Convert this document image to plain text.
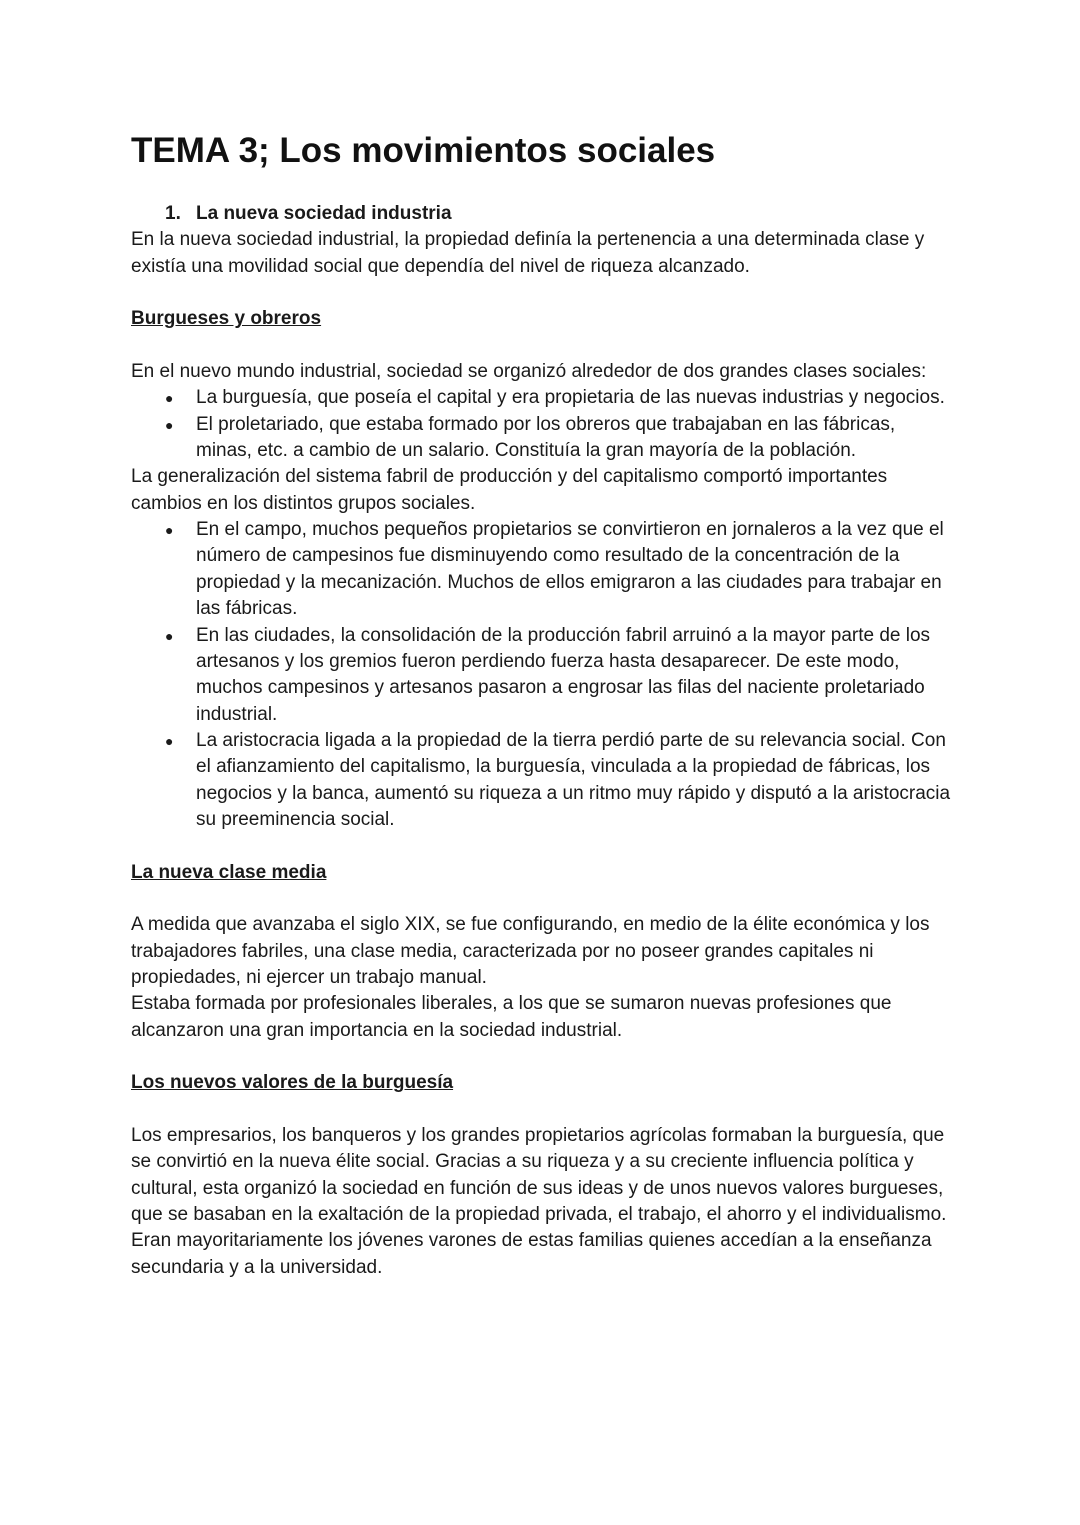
TEMA 3; Los movimientos sociales

1. La nueva sociedad industria

En la nueva sociedad industrial, la propiedad definía la pertenencia a una determinada clase y existía una movilidad social que dependía del nivel de riqueza alcanzado.

Burgueses y obreros

En el nuevo mundo industrial, sociedad se organizó alrededor de dos grandes clases sociales:

● La burguesía, que poseía el capital y era propietaria de las nuevas industrias y negocios.
● El proletariado, que estaba formado por los obreros que trabajaban en las fábricas, minas, etc. a cambio de un salario. Constituía la gran mayoría de la población.

La generalización del sistema fabril de producción y del capitalismo comportó importantes cambios en los distintos grupos sociales.

● En el campo, muchos pequeños propietarios se convirtieron en jornaleros a la vez que el número de campesinos fue disminuyendo como resultado de la concentración de la propiedad y la mecanización. Muchos de ellos emigraron a las ciudades para trabajar en las fábricas.
● En las ciudades, la consolidación de la producción fabril arruinó a la mayor parte de los artesanos y los gremios fueron perdiendo fuerza hasta desaparecer. De este modo, muchos campesinos y artesanos pasaron a engrosar las filas del naciente proletariado industrial.
● La aristocracia ligada a la propiedad de la tierra perdió parte de su relevancia social. Con el afianzamiento del capitalismo, la burguesía, vinculada a la propiedad de fábricas, los negocios y la banca, aumentó su riqueza a un ritmo muy rápido y disputó a la aristocracia su preeminencia social.

La nueva clase media

A medida que avanzaba el siglo XIX, se fue configurando, en medio de la élite económica y los trabajadores fabriles, una clase media, caracterizada por no poseer grandes capitales ni propiedades, ni ejercer un trabajo manual.

Estaba formada por profesionales liberales, a los que se sumaron nuevas profesiones que alcanzaron una gran importancia en la sociedad industrial.

Los nuevos valores de la burguesía

Los empresarios, los banqueros y los grandes propietarios agrícolas formaban la burguesía, que se convirtió en la nueva élite social. Gracias a su riqueza y a su creciente influencia política y cultural, esta organizó la sociedad en función de sus ideas y de unos nuevos valores burgueses, que se basaban en la exaltación de la propiedad privada, el trabajo, el ahorro y el individualismo.

Eran mayoritariamente los jóvenes varones de estas familias quienes accedían a la enseñanza secundaria y a la universidad.
